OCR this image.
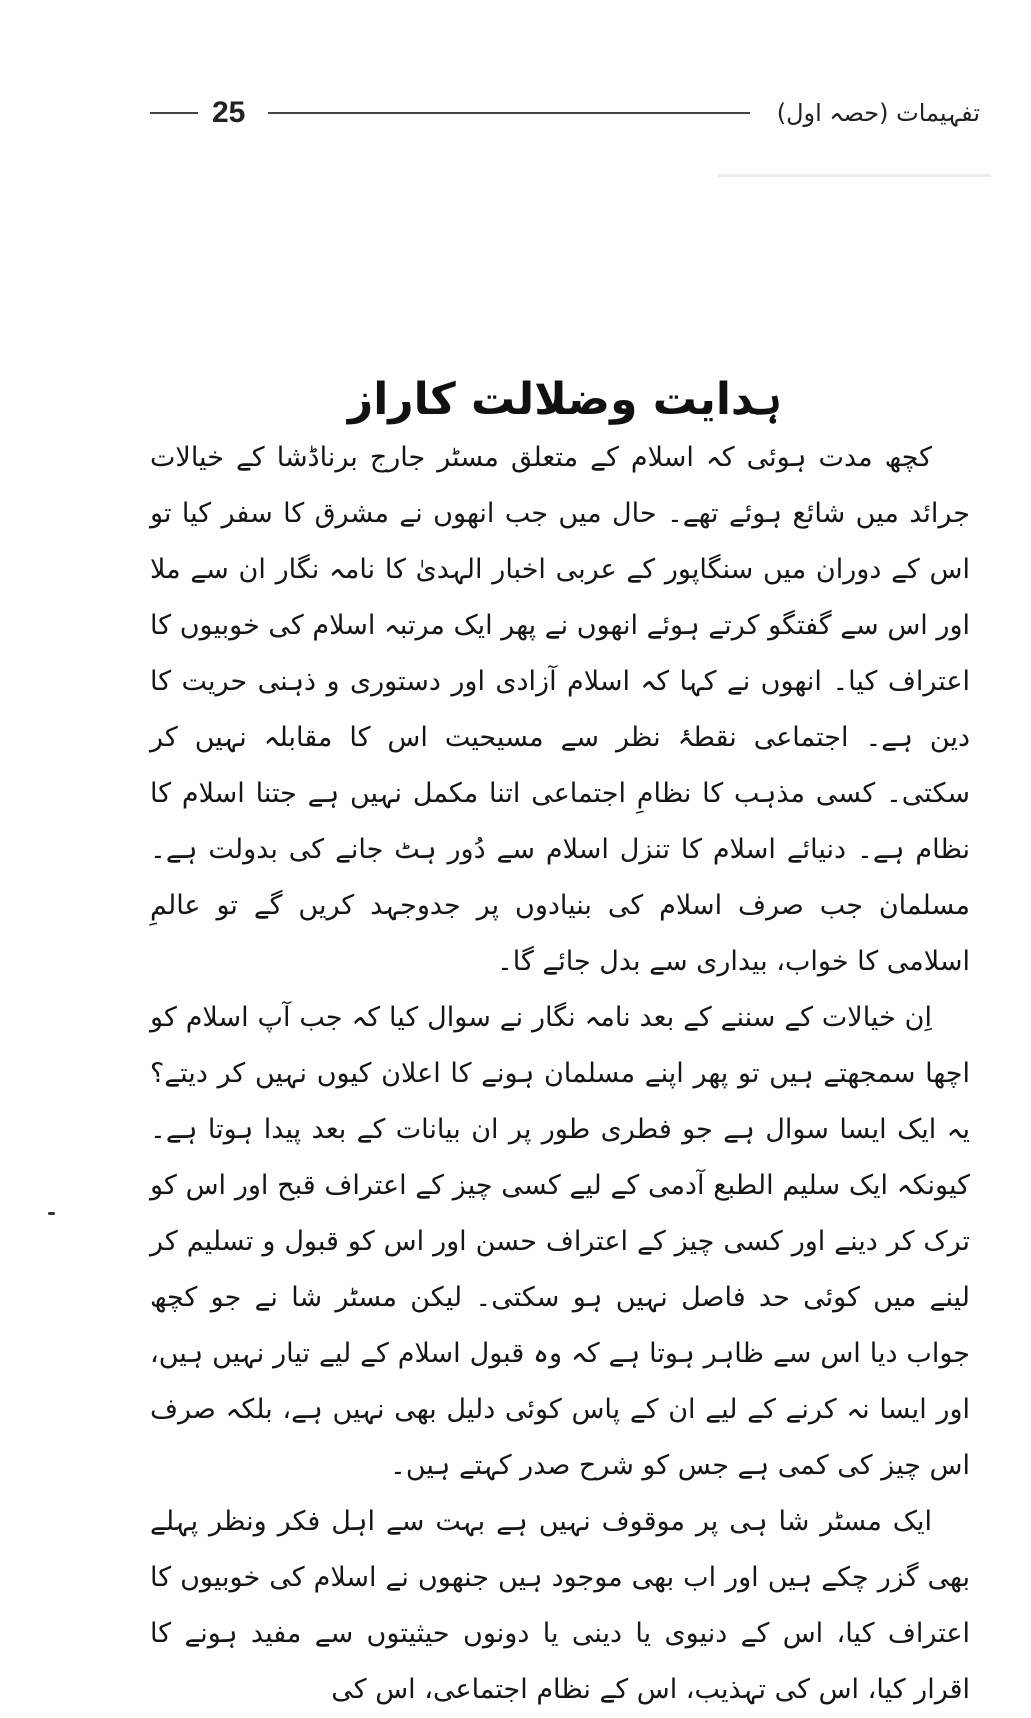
ـــــــــــــــــــــــــــــــ
25	تفہیمات (حصہ اول)
ہدایت وضلالت کاراز

کچھ مدت ہوئی کہ اسلام کے متعلق مسٹر جارج برناڈشا کے خیالات جرائد میں شائع ہوئے تھے۔ حال میں جب انھوں نے مشرق کا سفر کیا تو اس کے دوران میں سنگاپور کے عربی اخبار الہدیٰ کا نامہ نگار ان سے ملا اور اس سے گفتگو کرتے ہوئے انھوں نے پھر ایک مرتبہ اسلام کی خوبیوں کا اعتراف کیا۔ انھوں نے کہا کہ اسلام آزادی اور دستوری و ذہنی حریت کا دین ہے۔ اجتماعی نقطۂ نظر سے مسیحیت اس کا مقابلہ نہیں کر سکتی۔ کسی مذہب کا نظامِ اجتماعی اتنا مکمل نہیں ہے جتنا اسلام کا نظام ہے۔ دنیائے اسلام کا تنزل اسلام سے دُور ہٹ جانے کی بدولت ہے۔ مسلمان جب صرف اسلام کی بنیادوں پر جدوجہد کریں گے تو عالمِ اسلامی کا خواب، بیداری سے بدل جائے گا۔

اِن خیالات کے سننے کے بعد نامہ نگار نے سوال کیا کہ جب آپ اسلام کو اچھا سمجھتے ہیں تو پھر اپنے مسلمان ہونے کا اعلان کیوں نہیں کر دیتے؟ یہ ایک ایسا سوال ہے جو فطری طور پر ان بیانات کے بعد پیدا ہوتا ہے۔ کیونکہ ایک سلیم الطبع آدمی کے لیے کسی چیز کے اعتراف قبح اور اس کو ترک کر دینے اور کسی چیز کے اعتراف حسن اور اس کو قبول و تسلیم کر لینے میں کوئی حد فاصل نہیں ہو سکتی۔ لیکن مسٹر شا نے جو کچھ جواب دیا اس سے ظاہر ہوتا ہے کہ وہ قبول اسلام کے لیے تیار نہیں ہیں، اور ایسا نہ کرنے کے لیے ان کے پاس کوئی دلیل بھی نہیں ہے، بلکہ صرف اس چیز کی کمی ہے جس کو شرح صدر کہتے ہیں۔

ایک مسٹر شا ہی پر موقوف نہیں ہے بہت سے اہل فکر ونظر پہلے بھی گزر چکے ہیں اور اب بھی موجود ہیں جنھوں نے اسلام کی خوبیوں کا اعتراف کیا، اس کے دنیوی یا دینی یا دونوں حیثیتوں سے مفید ہونے کا اقرار کیا، اس کی تہذیب، اس کے نظام اجتماعی، اس کی
